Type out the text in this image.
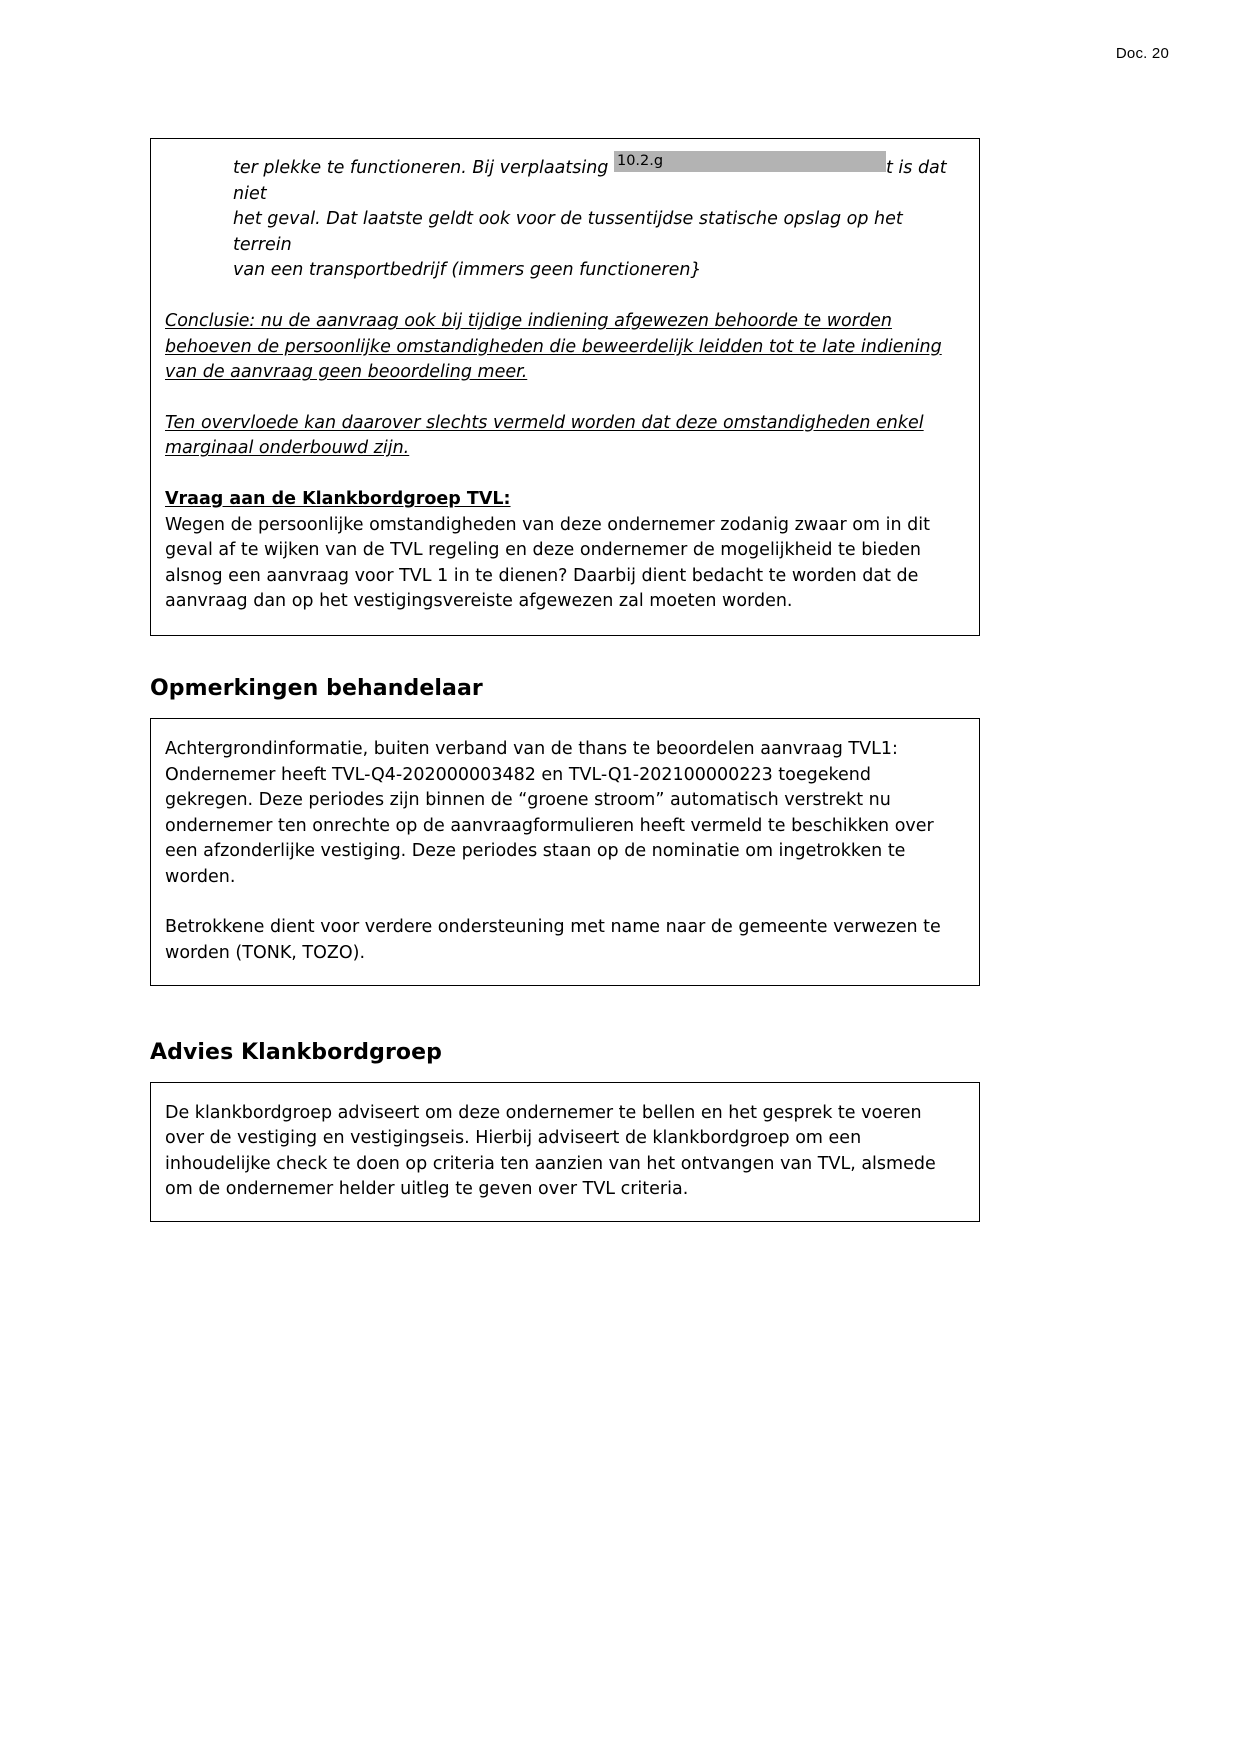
Doc. 20

ter plekke te functioneren. Bij verplaatsing 10.2.g	t is dat niet
het geval. Dat laatste geldt ook voor de tussentijdse statische opslag op het terrein
van een transportbedrijf (immers geen functioneren}

Conclusie: nu de aanvraag ook bij tijdige indiening afgewezen behoorde te worden behoeven de persoonlijke omstandigheden die beweerdelijk leidden tot te late indiening van de aanvraag geen beoordeling meer.

Ten overvloede kan daarover slechts vermeld worden dat deze omstandigheden enkel marginaal onderbouwd zijn.

Vraag aan de Klankbordgroep TVL:
Wegen de persoonlijke omstandigheden van deze ondernemer zodanig zwaar om in dit geval af te wijken van de TVL regeling en deze ondernemer de mogelijkheid te bieden alsnog een aanvraag voor TVL 1 in te dienen? Daarbij dient bedacht te worden dat de aanvraag dan op het vestigingsvereiste afgewezen zal moeten worden.

Opmerkingen behandelaar

Achtergrondinformatie, buiten verband van de thans te beoordelen aanvraag TVL1: Ondernemer heeft TVL-Q4-202000003482 en TVL-Q1-202100000223 toegekend gekregen. Deze periodes zijn binnen de “groene stroom” automatisch verstrekt nu ondernemer ten onrechte op de aanvraagformulieren heeft vermeld te beschikken over een afzonderlijke vestiging. Deze periodes staan op de nominatie om ingetrokken te worden.

Betrokkene dient voor verdere ondersteuning met name naar de gemeente verwezen te worden (TONK, TOZO).

Advies Klankbordgroep

De klankbordgroep adviseert om deze ondernemer te bellen en het gesprek te voeren over de vestiging en vestigingseis. Hierbij adviseert de klankbordgroep om een inhoudelijke check te doen op criteria ten aanzien van het ontvangen van TVL, alsmede om de ondernemer helder uitleg te geven over TVL criteria.
